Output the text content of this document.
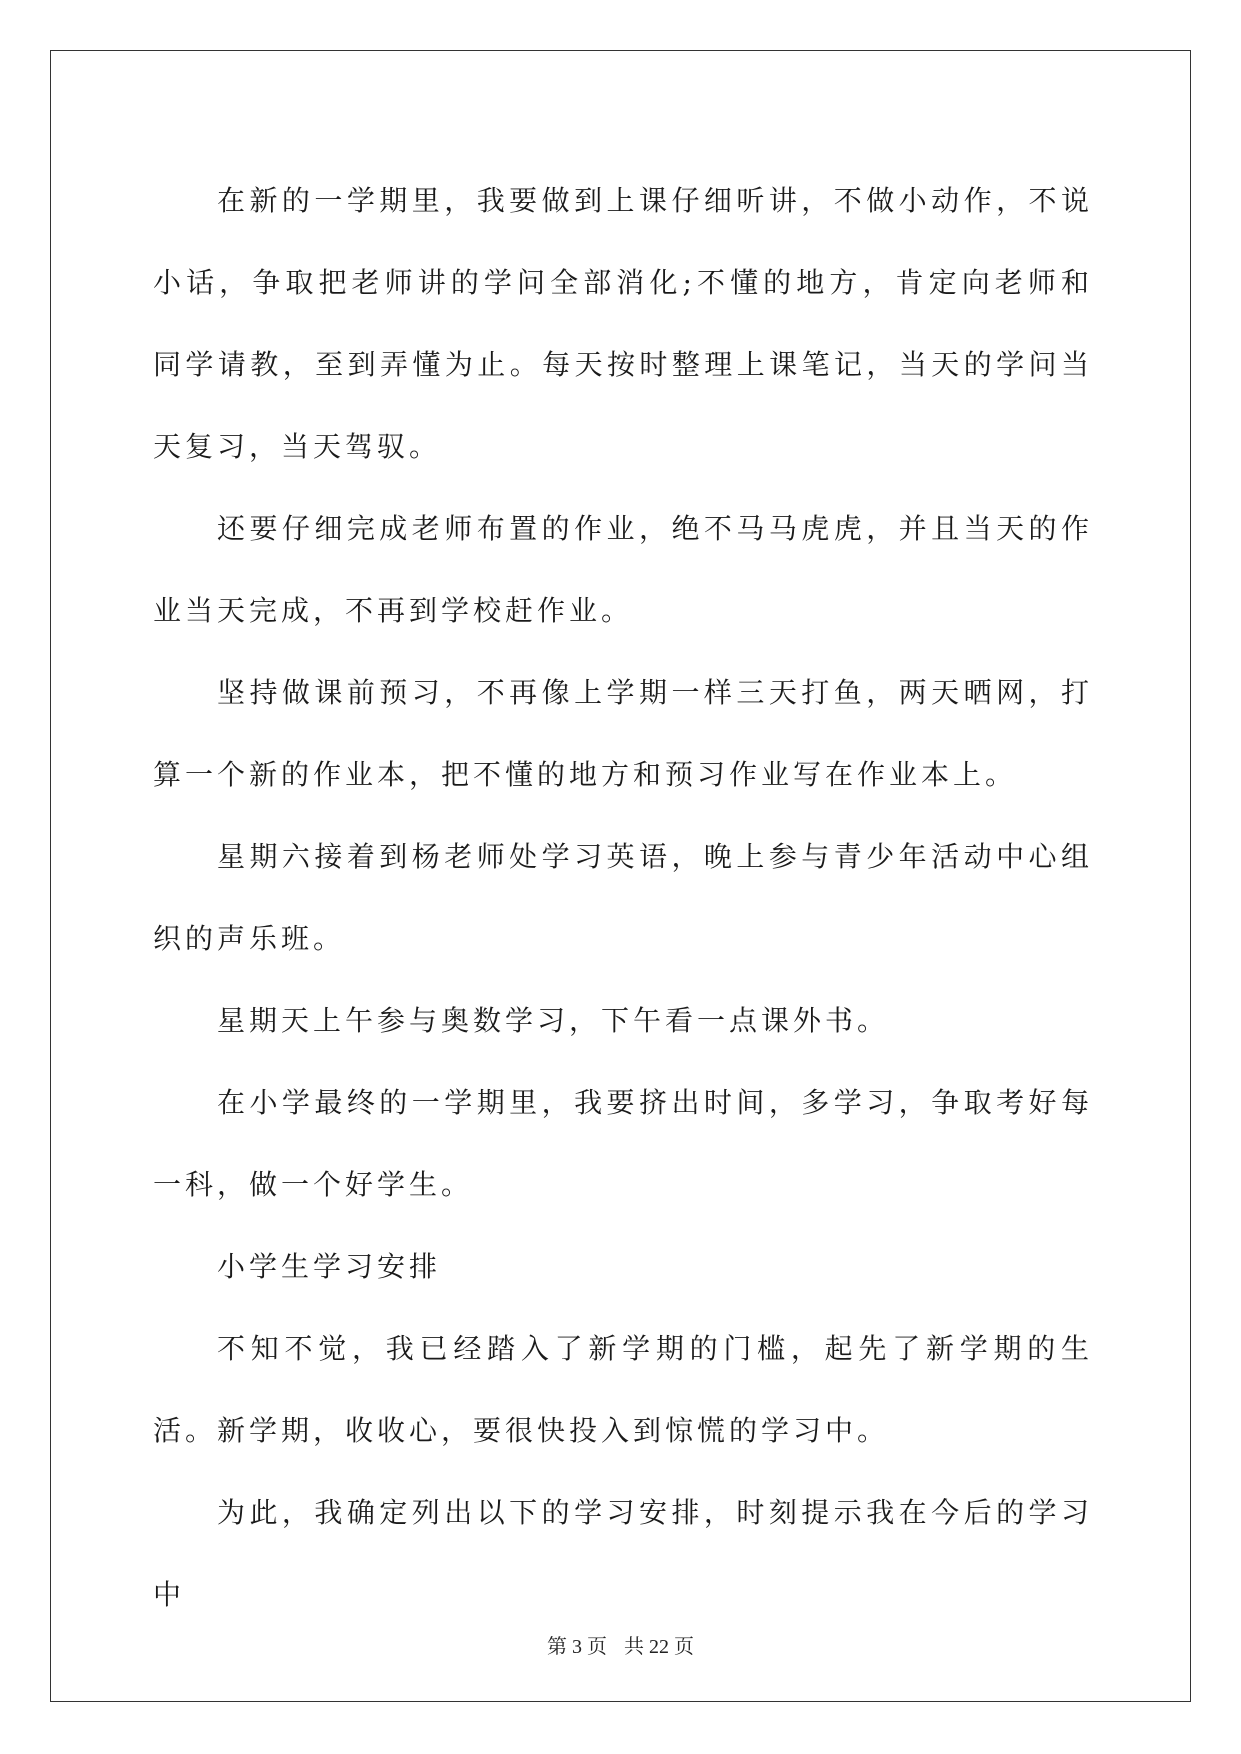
在新的一学期里，我要做到上课仔细听讲，不做小动作，不说小话，争取把老师讲的学问全部消化;不懂的地方，肯定向老师和同学请教，至到弄懂为止。每天按时整理上课笔记，当天的学问当天复习，当天驾驭。

还要仔细完成老师布置的作业，绝不马马虎虎，并且当天的作业当天完成，不再到学校赶作业。

坚持做课前预习，不再像上学期一样三天打鱼，两天晒网，打算一个新的作业本，把不懂的地方和预习作业写在作业本上。

星期六接着到杨老师处学习英语，晚上参与青少年活动中心组织的声乐班。

星期天上午参与奥数学习，下午看一点课外书。

在小学最终的一学期里，我要挤出时间，多学习，争取考好每一科，做一个好学生。

小学生学习安排

不知不觉，我已经踏入了新学期的门槛，起先了新学期的生活。新学期，收收心，要很快投入到惊慌的学习中。

为此，我确定列出以下的学习安排，时刻提示我在今后的学习中

第 3 页 共 22 页
